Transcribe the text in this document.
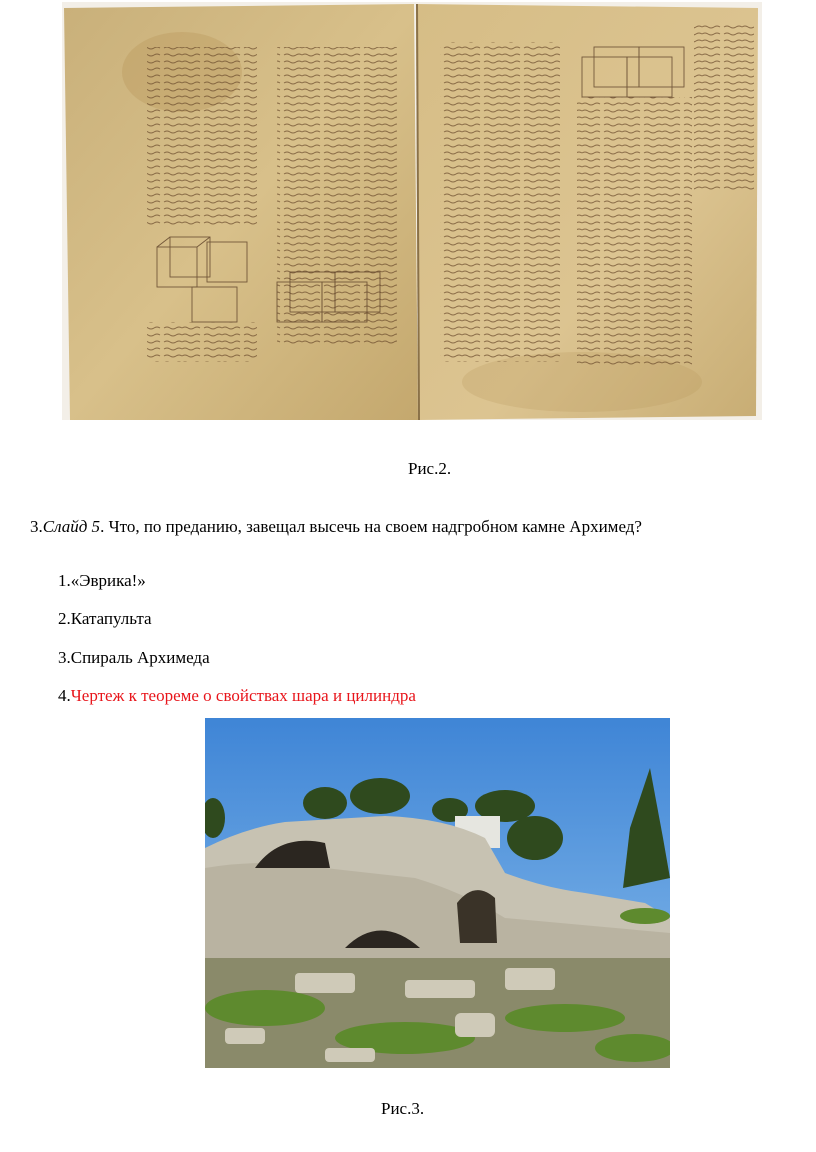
Рис.2.
3.Слайд 5. Что, по преданию, завещал высечь на своем надгробном камне Архимед?
1.«Эврика!»
2.Катапульта
3.Спираль Архимеда
4.Чертеж к теореме о свойствах шара и цилиндра
Рис.3.
